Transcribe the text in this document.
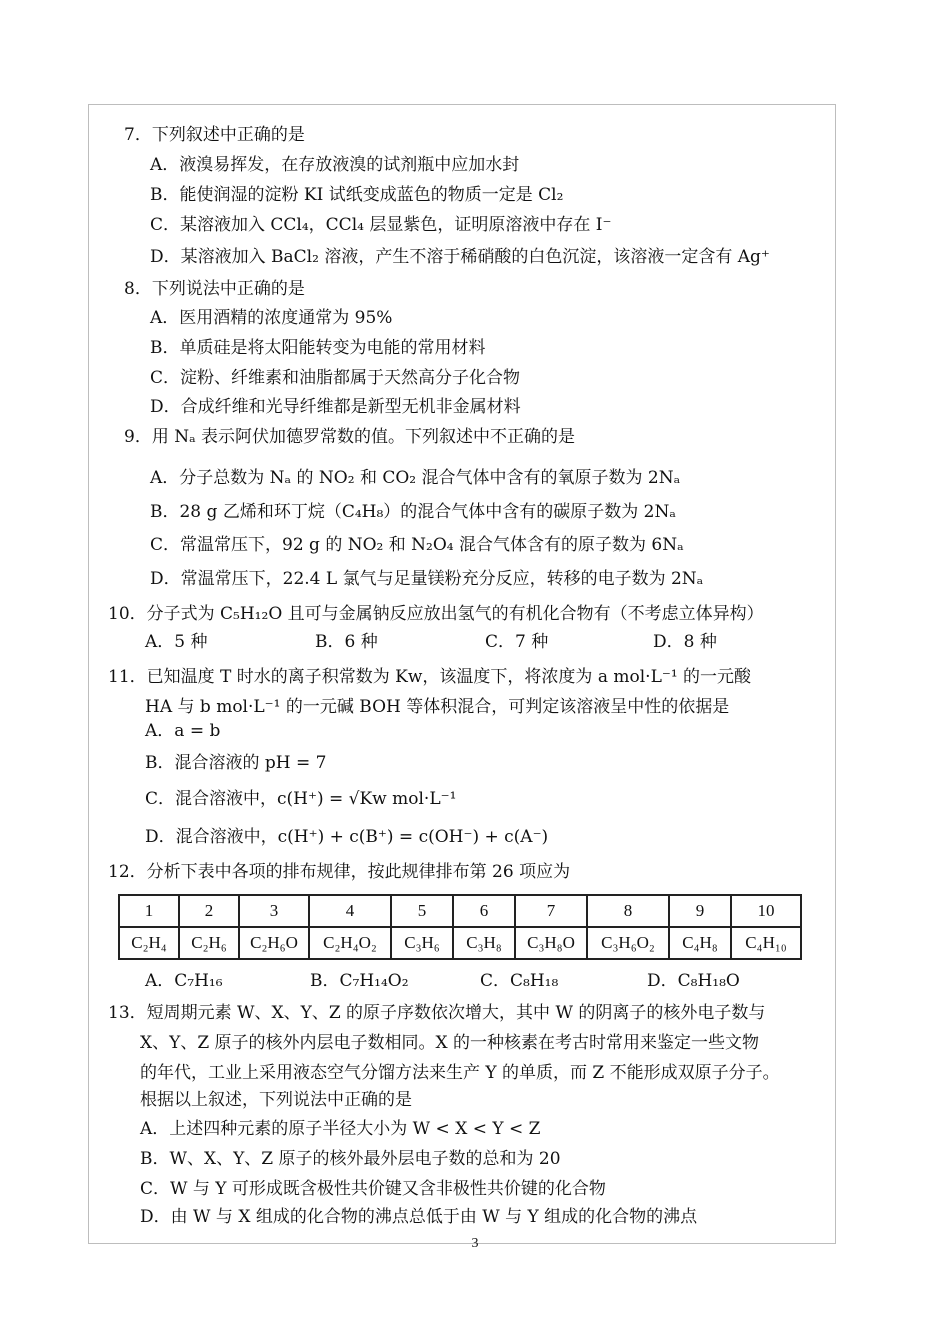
7．下列叙述中正确的是
A．液溴易挥发，在存放液溴的试剂瓶中应加水封
B．能使润湿的淀粉 KI 试纸变成蓝色的物质一定是 Cl₂
C．某溶液加入 CCl₄，CCl₄ 层显紫色，证明原溶液中存在 I⁻
D．某溶液加入 BaCl₂ 溶液，产生不溶于稀硝酸的白色沉淀，该溶液一定含有 Ag⁺
8．下列说法中正确的是
A．医用酒精的浓度通常为 95%
B．单质硅是将太阳能转变为电能的常用材料
C．淀粉、纤维素和油脂都属于天然高分子化合物
D．合成纤维和光导纤维都是新型无机非金属材料
9．用 Nₐ 表示阿伏加德罗常数的值。下列叙述中不正确的是
A．分子总数为 Nₐ 的 NO₂ 和 CO₂ 混合气体中含有的氧原子数为 2Nₐ
B．28 g 乙烯和环丁烷（C₄H₈）的混合气体中含有的碳原子数为 2Nₐ
C．常温常压下，92 g 的 NO₂ 和 N₂O₄ 混合气体含有的原子数为 6Nₐ
D．常温常压下，22.4 L 氯气与足量镁粉充分反应，转移的电子数为 2Nₐ
10．分子式为 C₅H₁₂O 且可与金属钠反应放出氢气的有机化合物有（不考虑立体异构）
A．5 种	B．6 种	C．7 种	D．8 种
11．已知温度 T 时水的离子积常数为 Kw，该温度下，将浓度为 a mol·L⁻¹ 的一元酸
HA 与 b mol·L⁻¹ 的一元碱 BOH 等体积混合，可判定该溶液呈中性的依据是
A．a = b
B．混合溶液的 pH = 7
C．混合溶液中，c(H⁺) = √Kw mol·L⁻¹
D．混合溶液中，c(H⁺) + c(B⁺) = c(OH⁻) + c(A⁻)
12．分析下表中各项的排布规律，按此规律排布第 26 项应为
1	2	3	4	5	6	7	8	9	10
C₂H₄	C₂H₆	C₂H₆O	C₂H₄O₂	C₃H₆	C₃H₈	C₃H₈O	C₃H₆O₂	C₄H₈	C₄H₁₀
A．C₇H₁₆	B．C₇H₁₄O₂	C．C₈H₁₈	D．C₈H₁₈O
13．短周期元素 W、X、Y、Z 的原子序数依次增大，其中 W 的阴离子的核外电子数与
X、Y、Z 原子的核外内层电子数相同。X 的一种核素在考古时常用来鉴定一些文物
的年代，工业上采用液态空气分馏方法来生产 Y 的单质，而 Z 不能形成双原子分子。
根据以上叙述，下列说法中正确的是
A．上述四种元素的原子半径大小为 W < X < Y < Z
B．W、X、Y、Z 原子的核外最外层电子数的总和为 20
C．W 与 Y 可形成既含极性共价键又含非极性共价键的化合物
D．由 W 与 X 组成的化合物的沸点总低于由 W 与 Y 组成的化合物的沸点
3
